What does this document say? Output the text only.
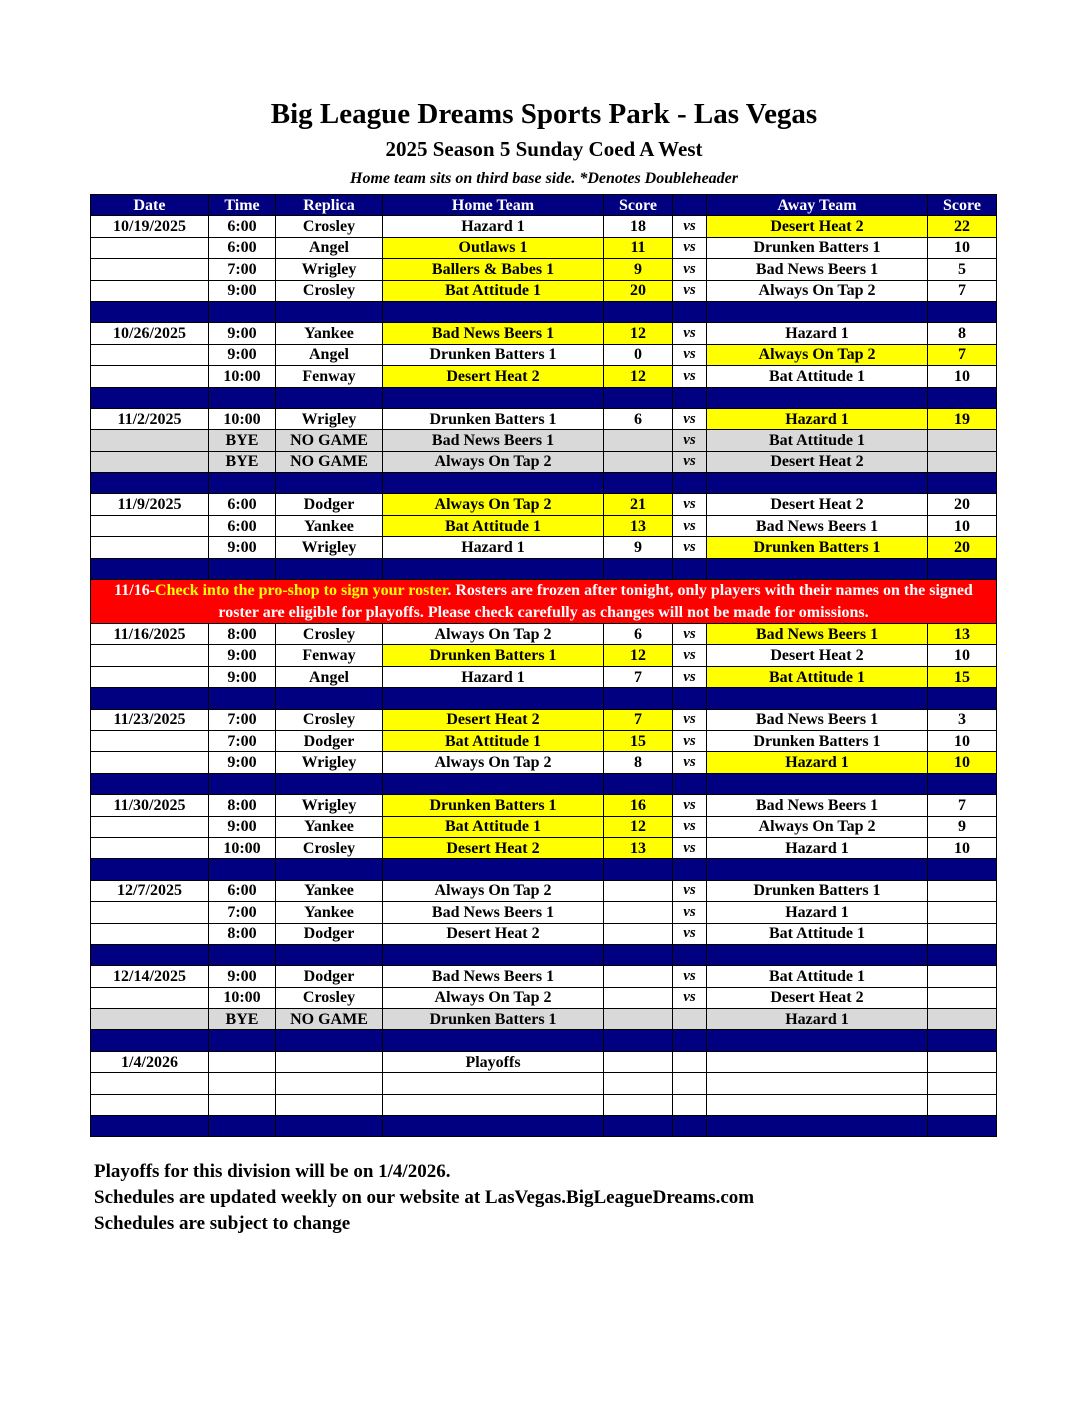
Big League Dreams Sports Park - Las Vegas
2025 Season 5 Sunday Coed A West
Home team sits on third base side. *Denotes Doubleheader
Date	Time	Replica	Home Team	Score		Away Team	Score
10/19/2025	6:00	Crosley	Hazard 1	18	vs	Desert Heat 2	22
	6:00	Angel	Outlaws 1	11	vs	Drunken Batters 1	10
	7:00	Wrigley	Ballers & Babes 1	9	vs	Bad News Beers 1	5
	9:00	Crosley	Bat Attitude 1	20	vs	Always On Tap 2	7

10/26/2025	9:00	Yankee	Bad News Beers 1	12	vs	Hazard 1	8
	9:00	Angel	Drunken Batters 1	0	vs	Always On Tap 2	7
	10:00	Fenway	Desert Heat 2	12	vs	Bat Attitude 1	10

11/2/2025	10:00	Wrigley	Drunken Batters 1	6	vs	Hazard 1	19
	BYE	NO GAME	Bad News Beers 1		vs	Bat Attitude 1	
	BYE	NO GAME	Always On Tap 2		vs	Desert Heat 2	

11/9/2025	6:00	Dodger	Always On Tap 2	21	vs	Desert Heat 2	20
	6:00	Yankee	Bat Attitude 1	13	vs	Bad News Beers 1	10
	9:00	Wrigley	Hazard 1	9	vs	Drunken Batters 1	20

11/16-Check into the pro-shop to sign your roster. Rosters are frozen after tonight, only players with their names on the signed roster are eligible for playoffs. Please check carefully as changes will not be made for omissions.							
11/16/2025	8:00	Crosley	Always On Tap 2	6	vs	Bad News Beers 1	13
	9:00	Fenway	Drunken Batters 1	12	vs	Desert Heat 2	10
	9:00	Angel	Hazard 1	7	vs	Bat Attitude 1	15

11/23/2025	7:00	Crosley	Desert Heat 2	7	vs	Bad News Beers 1	3
	7:00	Dodger	Bat Attitude 1	15	vs	Drunken Batters 1	10
	9:00	Wrigley	Always On Tap 2	8	vs	Hazard 1	10

11/30/2025	8:00	Wrigley	Drunken Batters 1	16	vs	Bad News Beers 1	7
	9:00	Yankee	Bat Attitude 1	12	vs	Always On Tap 2	9
	10:00	Crosley	Desert Heat 2	13	vs	Hazard 1	10

12/7/2025	6:00	Yankee	Always On Tap 2		vs	Drunken Batters 1	
	7:00	Yankee	Bad News Beers 1		vs	Hazard 1	
	8:00	Dodger	Desert Heat 2		vs	Bat Attitude 1	

12/14/2025	9:00	Dodger	Bad News Beers 1		vs	Bat Attitude 1	
	10:00	Crosley	Always On Tap 2		vs	Desert Heat 2	
	BYE	NO GAME	Drunken Batters 1			Hazard 1	

1/4/2026			Playoffs				

Playoffs for this division will be on 1/4/2026.
Schedules are updated weekly on our website at LasVegas.BigLeagueDreams.com
Schedules are subject to change
